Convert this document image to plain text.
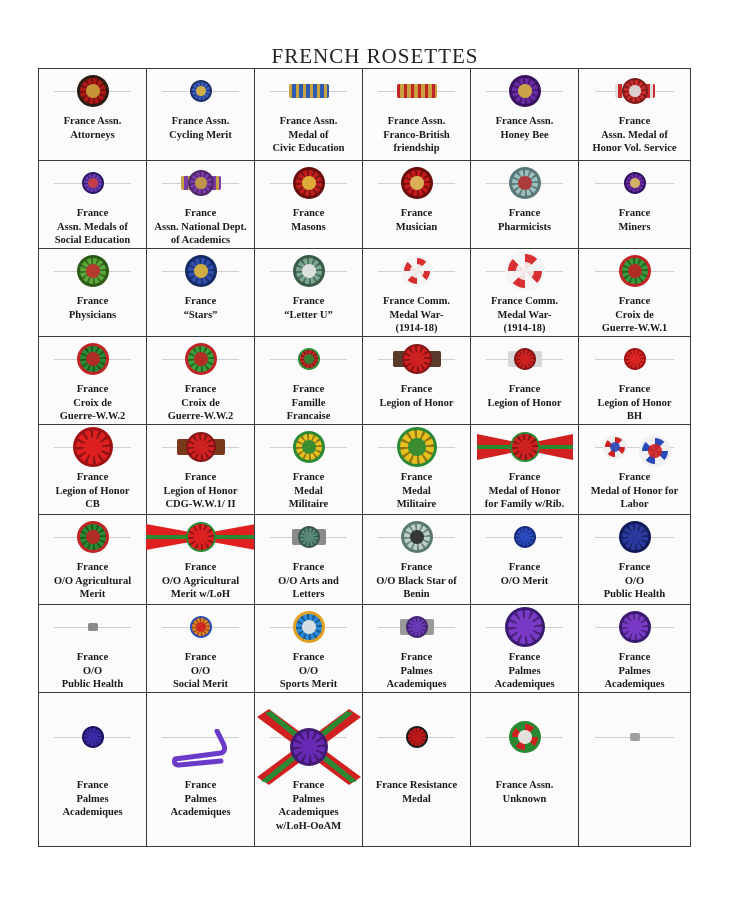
FRENCH ROSETTES
France Assn.
Attorneys
France Assn.
Cycling Merit
France Assn.
Medal of
Civic Education
France Assn.
Franco-British
friendship
France Assn.
Honey Bee
France
Assn. Medal of
Honor Vol. Service
France
Assn. Medals of
Social Education
France
Assn. National Dept.
of Academics
France
Masons
France
Musician
France
Pharmicists
France
Miners
France
Physicians
France
“Stars”
France
“Letter U”
France Comm.
Medal War-
(1914-18)
France Comm.
Medal War-
(1914-18)
France
Croix de
Guerre-W.W.1
France
Croix de
Guerre-W.W.2
France
Croix de
Guerre-W.W.2
France
Famille
Francaise
France
Legion of Honor
France
Legion of Honor
France
Legion of Honor
BH
France
Legion of Honor
CB
France
Legion of Honor
CDG-W.W.1/ II
France
Medal
Militaire
France
Medal
Militaire
France
Medal of Honor
for Family w/Rib.
France
Medal of Honor for
Labor
France
O/O Agricultural
Merit
France
O/O Agricultural
Merit w/LoH
France
O/O Arts and
Letters
France
O/O Black Star of
Benin
France
O/O Merit
France
O/O
Public Health
France
O/O
Public Health
France
O/O
Social Merit
France
O/O
Sports Merit
France
Palmes
Academiques
France
Palmes
Academiques
France
Palmes
Academiques
France
Palmes
Academiques
France
Palmes
Academiques
France
Palmes
Academiques
w/LoH-OoAM
France Resistance
Medal
France Assn.
Unknown
